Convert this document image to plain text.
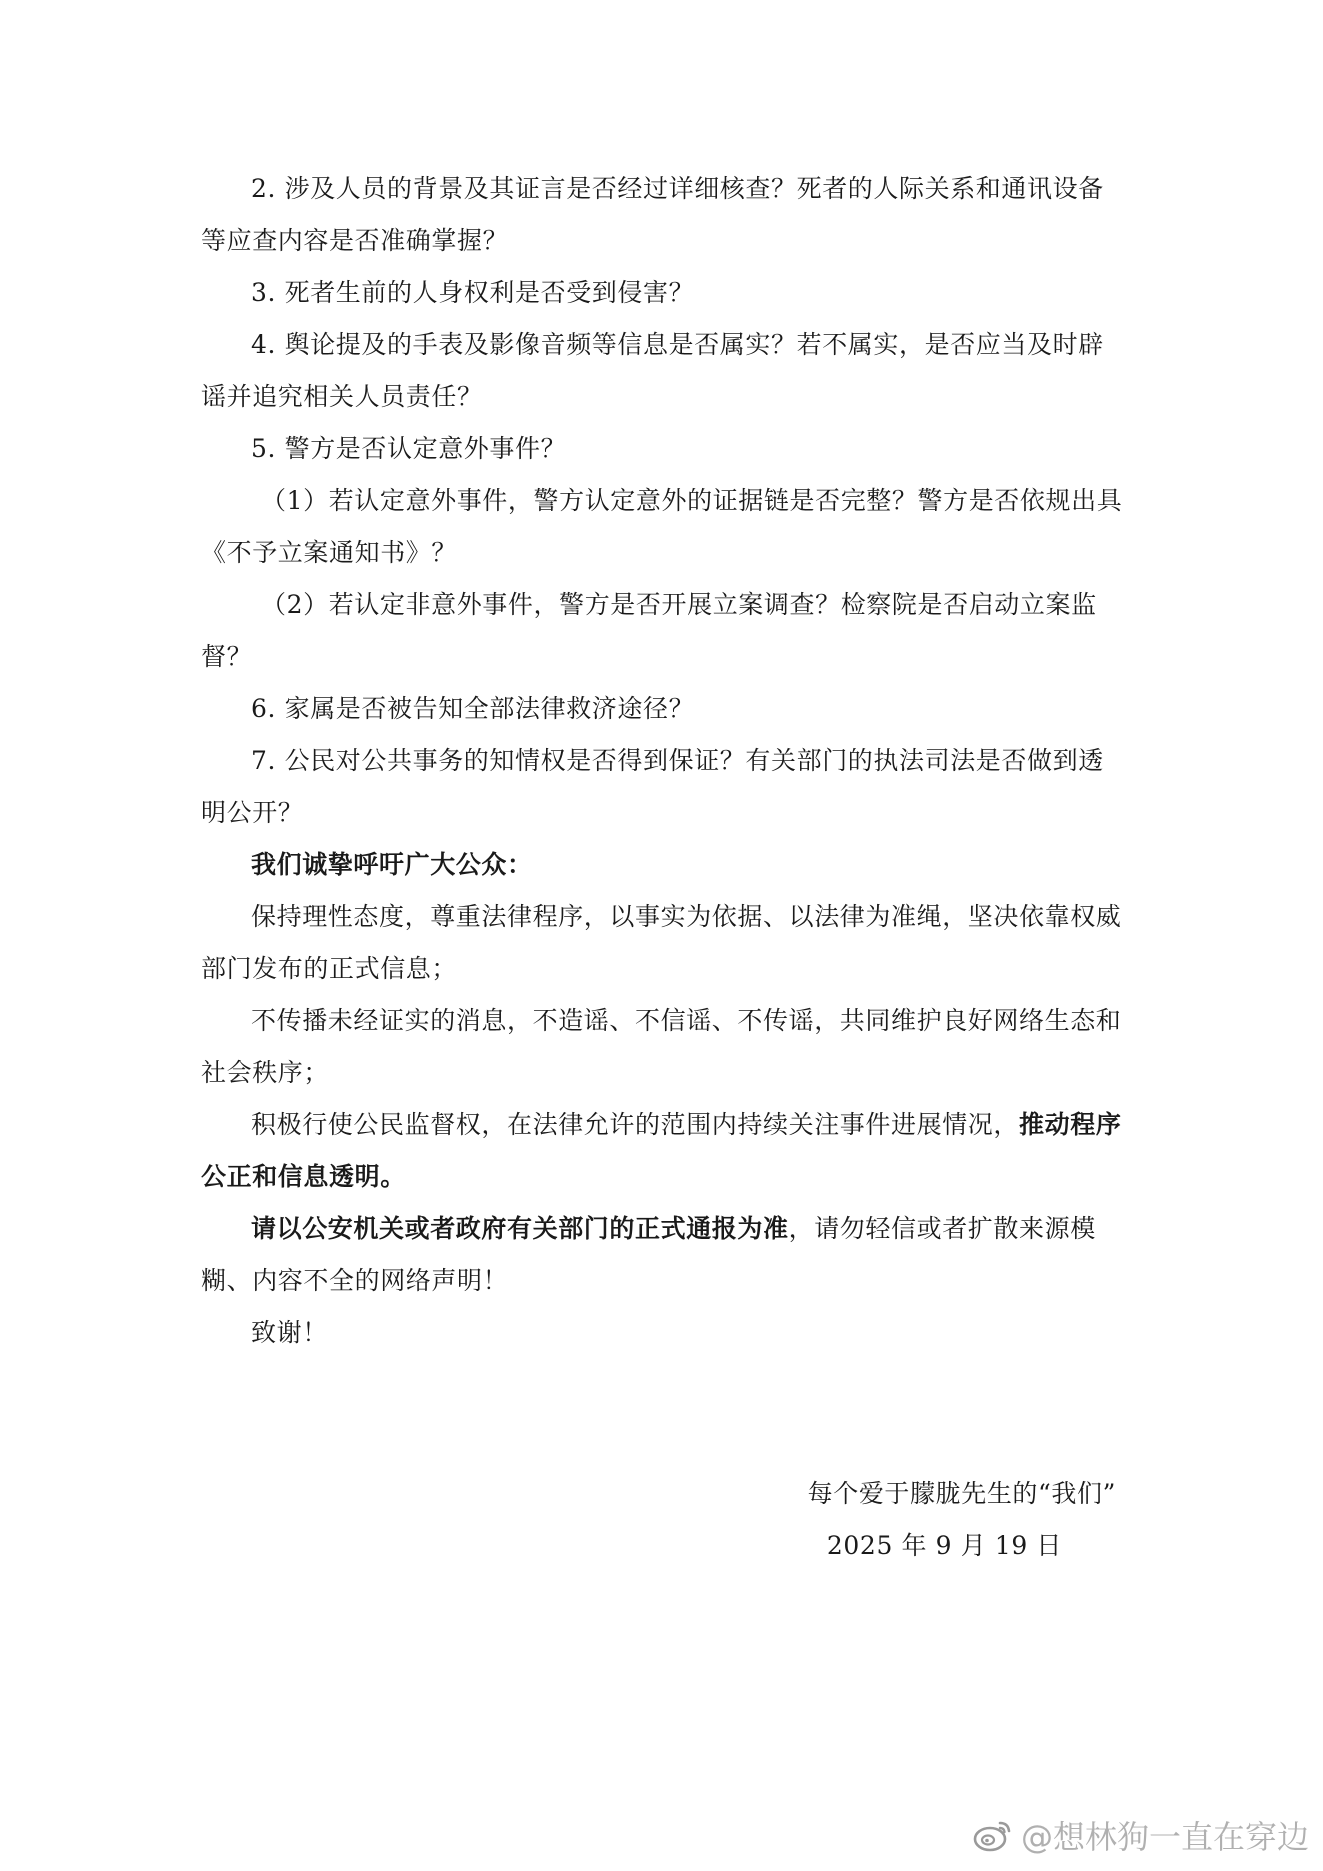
2. 涉及人员的背景及其证言是否经过详细核查？死者的人际关系和通讯设备等应查内容是否准确掌握？

3. 死者生前的人身权利是否受到侵害？

4. 舆论提及的手表及影像音频等信息是否属实？若不属实，是否应当及时辟谣并追究相关人员责任？

5. 警方是否认定意外事件？

（1）若认定意外事件，警方认定意外的证据链是否完整？警方是否依规出具《不予立案通知书》？

（2）若认定非意外事件，警方是否开展立案调查？检察院是否启动立案监督？

6. 家属是否被告知全部法律救济途径？

7. 公民对公共事务的知情权是否得到保证？有关部门的执法司法是否做到透明公开？

我们诚挚呼吁广大公众：

保持理性态度，尊重法律程序，以事实为依据、以法律为准绳，坚决依靠权威部门发布的正式信息；

不传播未经证实的消息，不造谣、不信谣、不传谣，共同维护良好网络生态和社会秩序；

积极行使公民监督权，在法律允许的范围内持续关注事件进展情况，推动程序公正和信息透明。

请以公安机关或者政府有关部门的正式通报为准，请勿轻信或者扩散来源模糊、内容不全的网络声明！

致谢！

每个爱于朦胧先生的“我们”
2025 年 9 月 19 日
@想林狗一直在穿边
